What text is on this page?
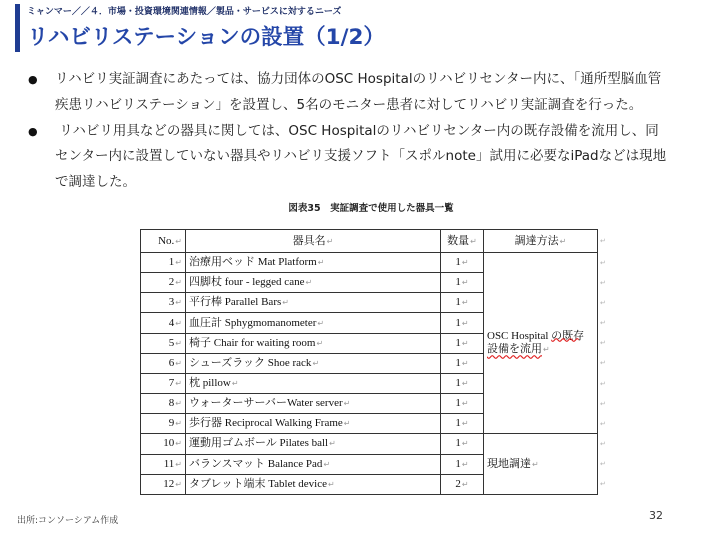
ミャンマー／／４．市場・投資環境関連情報／製品・サービスに対するニーズ
リハビリステーションの設置（1/2）
●
リハビリ実証調査にあたっては、協力団体のOSC Hospitalのリハビリセンター内に、「通所型脳血管
疾患リハビリステーション」を設置し、5名のモニター患者に対してリハビリ実証調査を行った。
●
リハビリ用具などの器具に関しては、OSC Hospitalのリハビリセンター内の既存設備を流用し、同
センター内に設置していない器具やリハビリ支援ソフト「スポルnote」試用に必要なiPadなどは現地
で調達した。
図表35　実証調査で使用した器具一覧
No. ↵	器具名 ↵	数量 ↵	調達方法 ↵	↵
1 ↵	治療用ベッド Mat Platform ↵	1 ↵	OSC Hospital の既存
設備を流用 ↵
	↵
2 ↵	四脚杖 four - legged cane ↵	1 ↵	↵
3 ↵	平行棒 Parallel Bars ↵	1 ↵	↵
4 ↵	血圧計 Sphygmomanometer ↵	1 ↵	↵
5 ↵	椅子 Chair for waiting room ↵	1 ↵	↵
6 ↵	シューズラック Shoe rack ↵	1 ↵	↵
7 ↵	枕 pillow ↵	1 ↵	↵
8 ↵	ウォーターサーバーWater server ↵	1 ↵	↵
9 ↵	歩行器 Reciprocal Walking Frame ↵	1 ↵	↵
10 ↵	運動用ゴムボール Pilates ball ↵	1 ↵	現地調達 ↵
	↵
11 ↵	バランスマット Balance Pad ↵	1 ↵	↵
12 ↵	タブレット端末 Tablet device ↵	2 ↵	↵
出所:コンソーシアム作成	32
